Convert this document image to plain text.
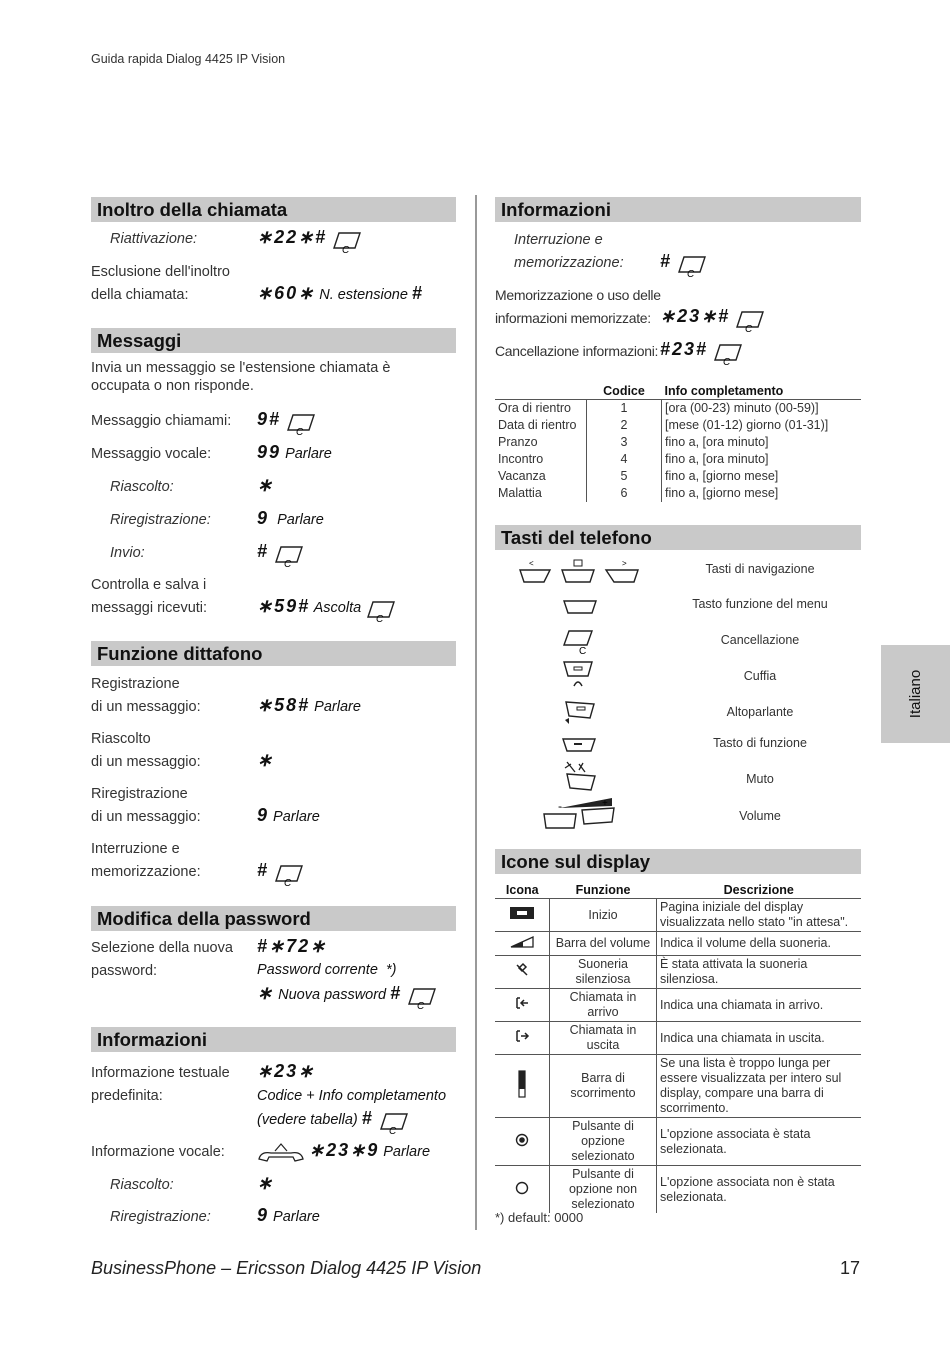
Guida rapida Dialog 4425 IP Vision
Inoltro della chiamata
Riattivazione:	∗22∗#
C
Esclusione dell'inoltro
della chiamata:	∗60∗ N. estensione #
Messaggi
Invia un messaggio se l'estensione chiamata è
occupata o non risponde.
Messaggio chiamami: 9#
C
Messaggio vocale:	99 Parlare
Riascolto:	∗
Riregistrazione:	9 Parlare
Invio:	#
C
Controlla e salva i
messaggi ricevuti:	∗59# Ascolta
C
Funzione dittafono
Registrazione
di un messaggio:	∗58# Parlare
Riascolto
di un messaggio:	∗
Riregistrazione
di un messaggio:	9 Parlare
Interruzione e
memorizzazione:	#
C
Modifica della password
Selezione della nuova
password:
#∗72∗
Password corrente *)
∗ Nuova password #
C
Informazioni
Informazione testuale
predefinita:
∗23∗
Codice + Info completamento
(vedere tabella) #
C
Informazione vocale:	∗23∗9 Parlare
Riascolto:	∗
Riregistrazione:	9 Parlare
Informazioni
Interruzione e
memorizzazione: #
C
Memorizzazione o uso delle
informazioni memorizzate: ∗23∗#
C
Cancellazione informazioni: #23#
C
	Codice	Info completamento
Ora di rientro	1	[ora (00-23) minuto (00-59)]
Data di rientro	2	[mese (01-12) giorno (01-31)]
Pranzo	3	fino a, [ora minuto]
Incontro	4	fino a, [ora minuto]
Vacanza	5	fino a, [giorno mese]
Malattia	6	fino a, [giorno mese]
Tasti del telefono
<	>	Tasti di navigazione
Tasto funzione del menu
C
Cancellazione
Cuffia
Altoparlante
Tasto di funzione
Muto
-	+
Volume
Icone sul display
Icona	Funzione	Descrizione
	Inizio	Pagina iniziale del display visualizzata nello stato "in attesa".
	Barra del volume	Indica il volume della suoneria.
	Suoneria silenziosa	È stata attivata la suoneria silenziosa.
	Chiamata in arrivo	Indica una chiamata in arrivo.
	Chiamata in uscita	Indica una chiamata in uscita.
	Barra di scorrimento	Se una lista è troppo lunga per essere visualizzata per intero sul display, compare una barra di scorrimento.
	Pulsante di opzione selezionato	L'opzione associata è stata selezionata.
	Pulsante di opzione non selezionato	L'opzione associata non è stata selezionata.
*) default: 0000
Italiano
BusinessPhone – Ericsson Dialog 4425 IP Vision	17
